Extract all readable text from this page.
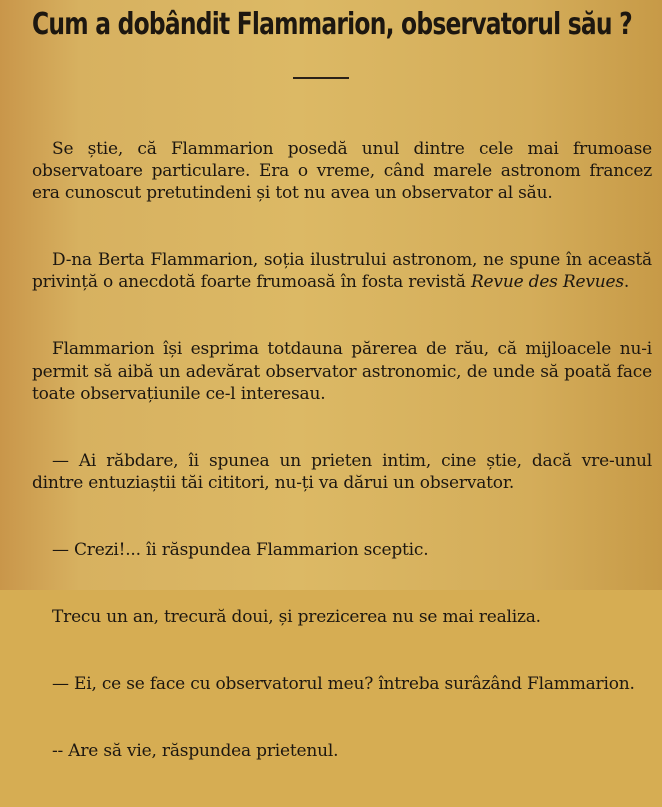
Cum a dobândit Flammarion, observatorul său ?

Se știe, că Flammarion posedă unul dintre cele mai frumoase observatoare particulare. Era o vreme, când marele astronom francez era cunoscut pretutindeni și tot nu avea un observator al său.

D-na Berta Flammarion, soția ilustrului astronom, ne spune în această privință o anecdotă foarte frumoasă în fosta revistă Revue des Revues.

Flammarion își esprima totdauna părerea de rău, că mijloacele nu-i permit să aibă un adevărat observator astronomic, de unde să poată face toate observațiunile ce-l interesau.

— Ai răbdare, îi spunea un prieten intim, cine știe, dacă vre-unul dintre entuziaștii tăi cititori, nu-ți va dărui un observator.

— Crezi!... îi răspundea Flammarion sceptic.

Trecu un an, trecură doui, și prezicerea nu se mai realiza.

— Ei, ce se face cu observatorul meu? întreba surâzând Flammarion.

-- Are să vie, răspundea prietenul.
